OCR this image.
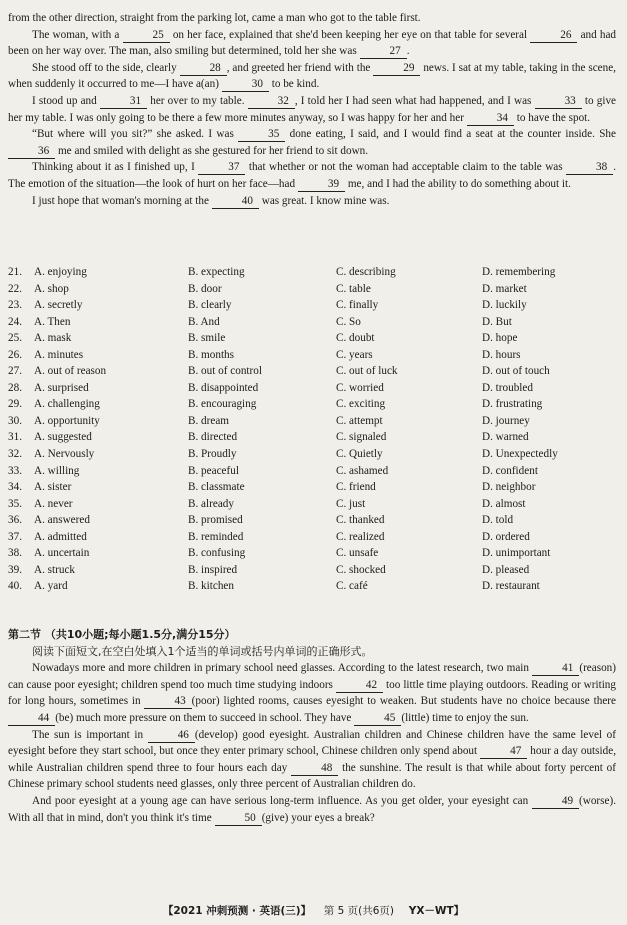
from the other direction, straight from the parking lot, came a man who got to the table first.

The woman, with a	25 on her face, explained that she'd been keeping her eye on that table for several	26 and had been on her way over. The man, also smiling but determined, told her she was	27 .

She stood off to the side, clearly	28 , and greeted her friend with the	29 news. I sat at my table, taking in the scene, when suddenly it occurred to me—I have a(an)	30 to be kind.

I stood up and	31 her over to my table.	32 , I told her I had seen what had happened, and I was	33 to give her my table. I was only going to be there a few more minutes anyway, so I was happy for her and her	34 to have the spot.

“But where will you sit?” she asked. I was	35 done eating, I said, and I would find a seat at the counter inside. She 36 me and smiled with delight as she gestured for her friend to sit down.

Thinking about it as I finished up, I	37 that whether or not the woman had acceptable claim to the table was	38 . The emotion of the situation—the look of hurt on her face—had	39 me, and I had the ability to do something about it.

I just hope that woman's morning at the	40 was great. I know mine was.

21. A. enjoying	B. expecting	C. describing	D. remembering
22. A. shop	B. door	C. table	D. market
23. A. secretly	B. clearly	C. finally	D. luckily
24. A. Then	B. And	C. So	D. But
25. A. mask	B. smile	C. doubt	D. hope
26. A. minutes	B. months	C. years	D. hours
27. A. out of reason	B. out of control	C. out of luck	D. out of touch
28. A. surprised	B. disappointed	C. worried	D. troubled
29. A. challenging	B. encouraging	C. exciting	D. frustrating
30. A. opportunity	B. dream	C. attempt	D. journey
31. A. suggested	B. directed	C. signaled	D. warned
32. A. Nervously	B. Proudly	C. Quietly	D. Unexpectedly
33. A. willing	B. peaceful	C. ashamed	D. confident
34. A. sister	B. classmate	C. friend	D. neighbor
35. A. never	B. already	C. just	D. almost
36. A. answered	B. promised	C. thanked	D. told
37. A. admitted	B. reminded	C. realized	D. ordered
38. A. uncertain	B. confusing	C. unsafe	D. unimportant
39. A. struck	B. inspired	C. shocked	D. pleased
40. A. yard	B. kitchen	C. café	D. restaurant
第二节 （共10小题;每小题1.5分,满分15分）
阅读下面短文,在空白处填入1个适当的单词或括号内单词的正确形式。

Nowadays more and more children in primary school need glasses. According to the latest research, two main	41 (reason) can cause poor eyesight; children spend too much time studying indoors	42 too little time playing outdoors. Reading or writing for long hours, sometimes in	43 (poor) lighted rooms, causes eyesight to weaken. But students have no choice because there 44 (be) much more pressure on them to succeed in school. They have	45 (little) time to enjoy the sun.

The sun is important in	46 (develop) good eyesight. Australian children and Chinese children have the same level of eyesight before they start school, but once they enter primary school, Chinese children only spend about	47 hour a day outside, while Australian children spend three to four hours each day	48 the sunshine. The result is that while about forty percent of Chinese primary school students need glasses, only three percent of Australian children do.

And poor eyesight at a young age can have serious long-term influence. As you get older, your eyesight can	49 (worse). With all that in mind, don't you think it's time	50 (give) your eyes a break?

【2021 冲刺预测 · 英语(三)】 第 5 页(共6页) YX－WT】
